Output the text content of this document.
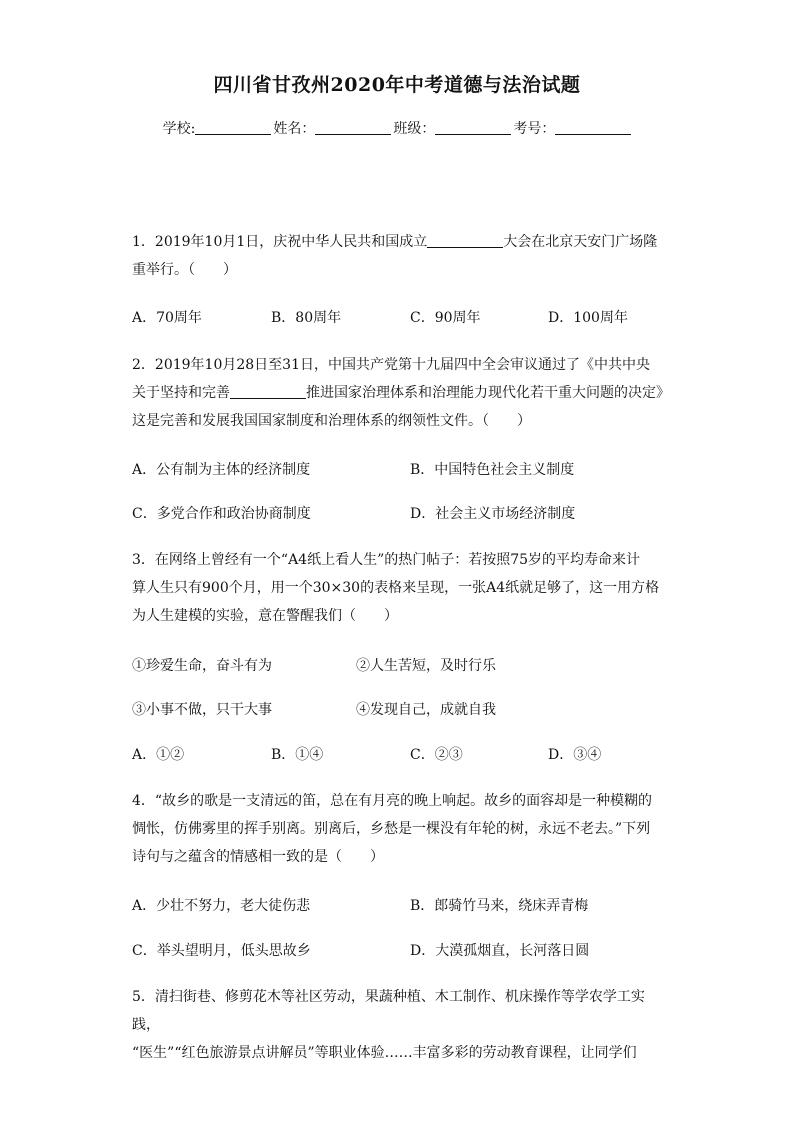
四川省甘孜州2020年中考道德与法治试题
学校:	姓名：	班级：	考号：
1．2019年10月1日，庆祝中华人民共和国成立	大会在北京天安门广场隆
重举行。（　　）
A．70周年	B．80周年	C．90周年	D．100周年
2．2019年10月28日至31日，中国共产党第十九届四中全会审议通过了《中共中央
关于坚持和完善	推进国家治理体系和治理能力现代化若干重大问题的决定》
这是完善和发展我国国家制度和治理体系的纲领性文件。（　　）
A．公有制为主体的经济制度	B．中国特色社会主义制度
C．多党合作和政治协商制度	D．社会主义市场经济制度
3．在网络上曾经有一个“A4纸上看人生”的热门帖子：若按照75岁的平均寿命来计
算人生只有900个月，用一个30×30的表格来呈现，一张A4纸就足够了，这一用方格
为人生建模的实验，意在警醒我们（　　）
①珍爱生命，奋斗有为	②人生苦短，及时行乐
③小事不做，只干大事	④发现自己，成就自我
A．①②	B．①④	C．②③	D．③④
4．“故乡的歌是一支清远的笛，总在有月亮的晚上响起。故乡的面容却是一种模糊的
惆怅，仿佛雾里的挥手别离。别离后，乡愁是一棵没有年轮的树，永远不老去。”下列
诗句与之蕴含的情感相一致的是（　　）
A．少壮不努力，老大徒伤悲	B．郎骑竹马来，绕床弄青梅
C．举头望明月，低头思故乡	D．大漠孤烟直，长河落日圆
5．清扫街巷、修剪花木等社区劳动，果蔬种植、木工制作、机床操作等学农学工实践，
“医生”“红色旅游景点讲解员”等职业体验……丰富多彩的劳动教育课程，让同学们
